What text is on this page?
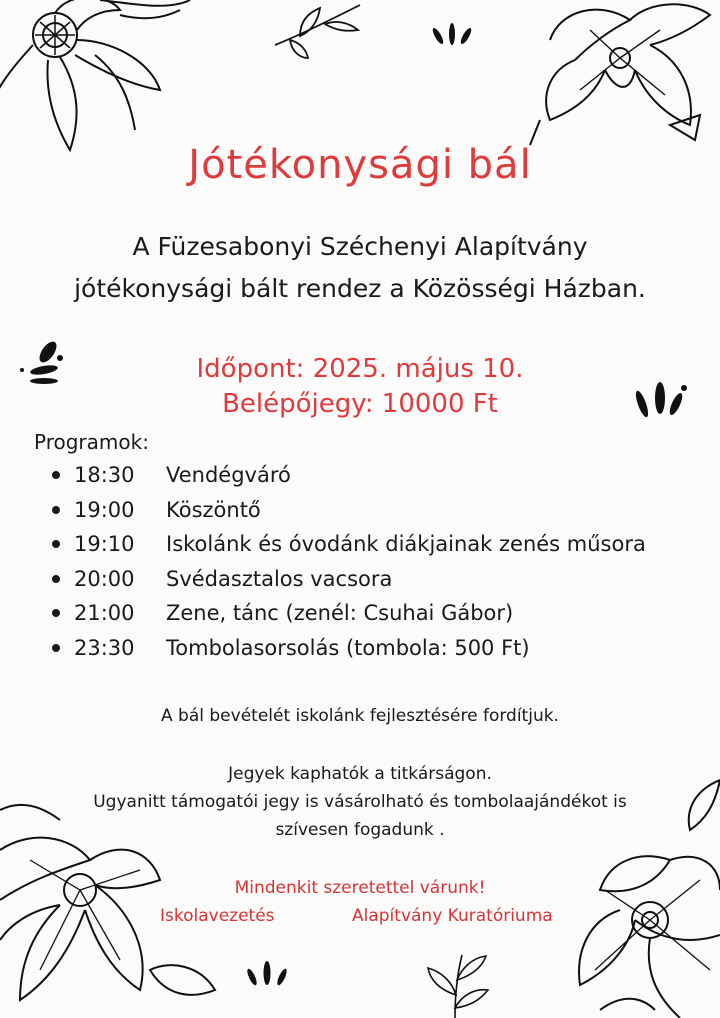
Jótékonysági bál
A Füzesabonyi Széchenyi Alapítvány
jótékonysági bált rendez a Közösségi Házban.
Időpont: 2025. május 10.
Belépőjegy: 10000 Ft
Programok:
18:30	Vendégváró
19:00	Köszöntő
19:10	Iskolánk és óvodánk diákjainak zenés műsora
20:00	Svédasztalos vacsora
21:00	Zene, tánc (zenél: Csuhai Gábor)
23:30	Tombolasorsolás (tombola: 500 Ft)
A bál bevételét iskolánk fejlesztésére fordítjuk.
Jegyek kaphatók a titkárságon.
Ugyanitt támogatói jegy is vásárolható és tombolaajándékot is
szívesen fogadunk .
Mindenkit szeretettel várunk!
Iskolavezetés	Alapítvány Kuratóriuma
